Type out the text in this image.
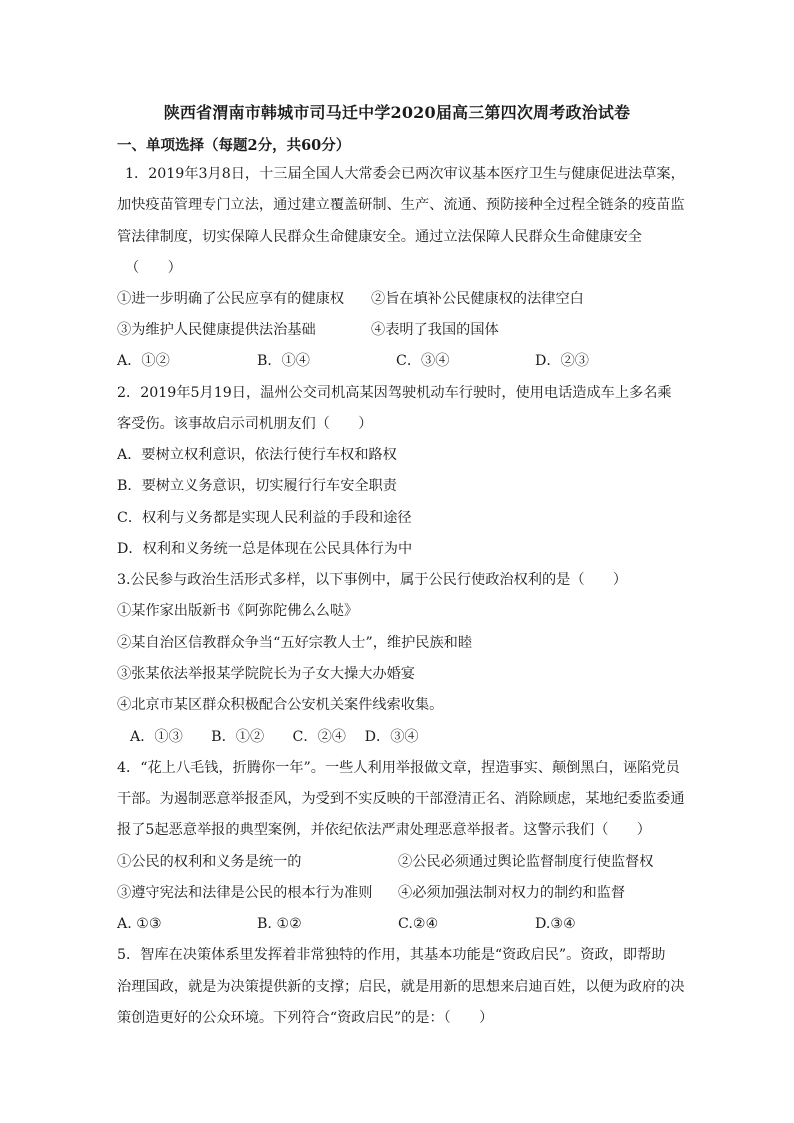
陕西省渭南市韩城市司马迁中学2020届高三第四次周考政治试卷
一、单项选择（每题2分，共60分）
1．2019年3月8日，十三届全国人大常委会已两次审议基本医疗卫生与健康促进法草案，
加快疫苗管理专门立法，通过建立覆盖研制、生产、流通、预防接种全过程全链条的疫苗监
管法律制度，切实保障人民群众生命健康安全。通过立法保障人民群众生命健康安全
（　　）
①进一步明确了公民应享有的健康权 ②旨在填补公民健康权的法律空白
③为维护人民健康提供法治基础	④表明了我国的国体
A．①②	B．①④	C．③④	D．②③
2．2019年5月19日，温州公交司机高某因驾驶机动车行驶时，使用电话造成车上多名乘
客受伤。该事故启示司机朋友们（　　）
A．要树立权利意识，依法行使行车权和路权
B．要树立义务意识，切实履行行车安全职责
C．权利与义务都是实现人民利益的手段和途径
D．权利和义务统一总是体现在公民具体行为中
3.公民参与政治生活形式多样，以下事例中，属于公民行使政治权利的是（　　）
①某作家出版新书《阿弥陀佛么么哒》
②某自治区信教群众争当“五好宗教人士”，维护民族和睦
③张某依法举报某学院院长为子女大操大办婚宴
④北京市某区群众积极配合公安机关案件线索收集。
A．①③　　B．①②　　C．②④　 D．③④
4．“花上八毛钱，折腾你一年”。一些人利用举报做文章，捏造事实、颠倒黑白，诬陷党员
干部。为遏制恶意举报歪风，为受到不实反映的干部澄清正名、消除顾虑，某地纪委监委通
报了5起恶意举报的典型案例，并依纪依法严肃处理恶意举报者。这警示我们（　　）
①公民的权利和义务是统一的	②公民必须通过舆论监督制度行使监督权
③遵守宪法和法律是公民的根本行为准则 ④必须加强法制对权力的制约和监督
A. ①③	B. ①②	C.②④	D.③④
5．智库在决策体系里发挥着非常独特的作用，其基本功能是“资政启民”。资政，即帮助
治理国政，就是为决策提供新的支撑；启民，就是用新的思想来启迪百姓，以便为政府的决
策创造更好的公众环境。下列符合“资政启民”的是：（　　）
